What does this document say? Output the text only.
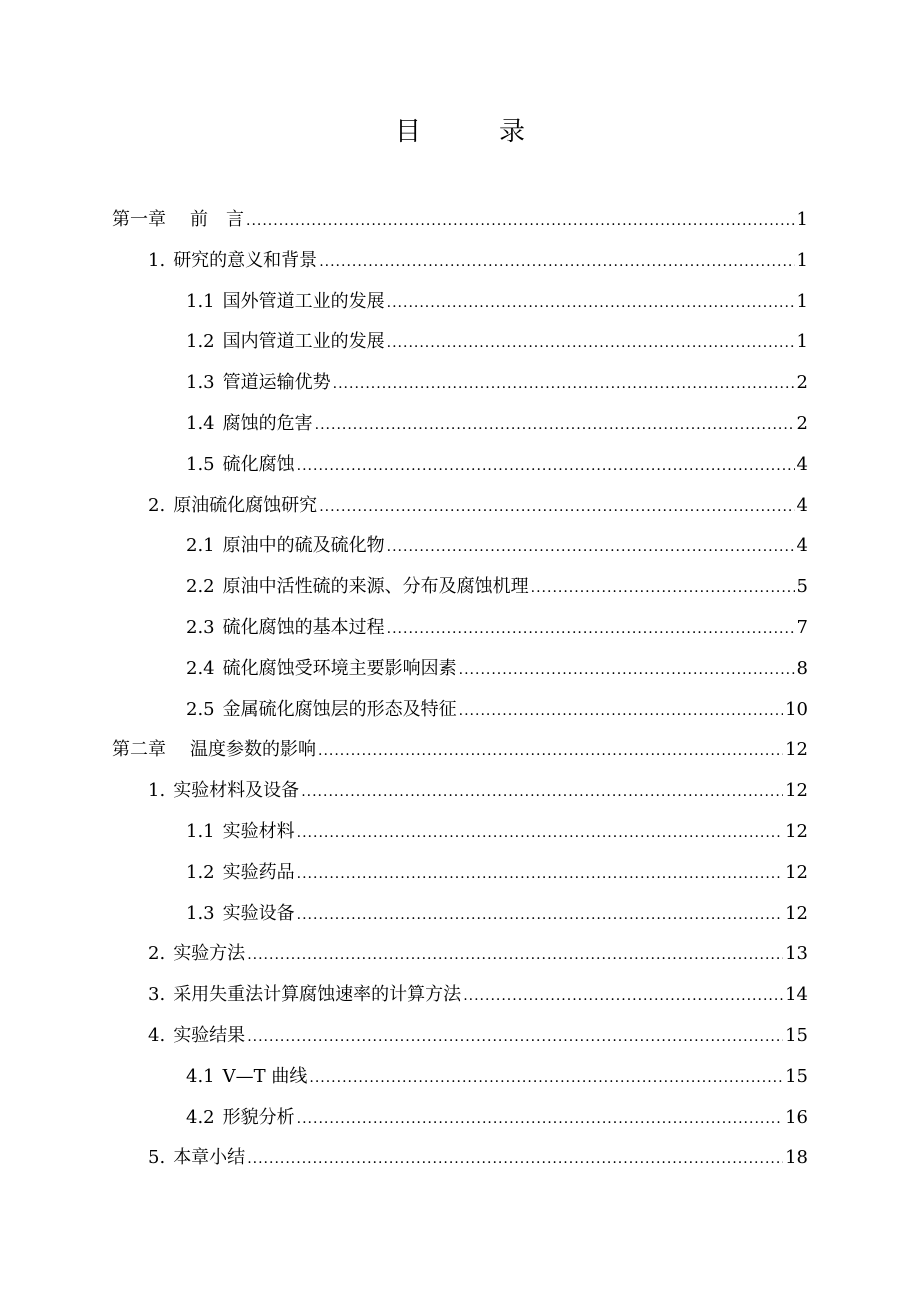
目　录
第一章 前　言 .....	1
1. 研究的意义和背景 .....	1
1.1 国外管道工业的发展 .....	1
1.2 国内管道工业的发展 .....	1
1.3 管道运输优势 .....	2
1.4 腐蚀的危害 .....	2
1.5 硫化腐蚀 .....	4
2. 原油硫化腐蚀研究 .....	4
2.1 原油中的硫及硫化物 .....	4
2.2 原油中活性硫的来源、分布及腐蚀机理 .....	5
2.3 硫化腐蚀的基本过程 .....	7
2.4 硫化腐蚀受环境主要影响因素 .....	8
2.5 金属硫化腐蚀层的形态及特征 .....	10
第二章 温度参数的影响 .....	12
1. 实验材料及设备 .....	12
1.1 实验材料 .....	12
1.2 实验药品 .....	12
1.3 实验设备 .....	12
2. 实验方法 .....	13
3. 采用失重法计算腐蚀速率的计算方法 .....	14
4. 实验结果 .....	15
4.1 V—T 曲线 .....	15
4.2 形貌分析 .....	16
5. 本章小结 .....	18
